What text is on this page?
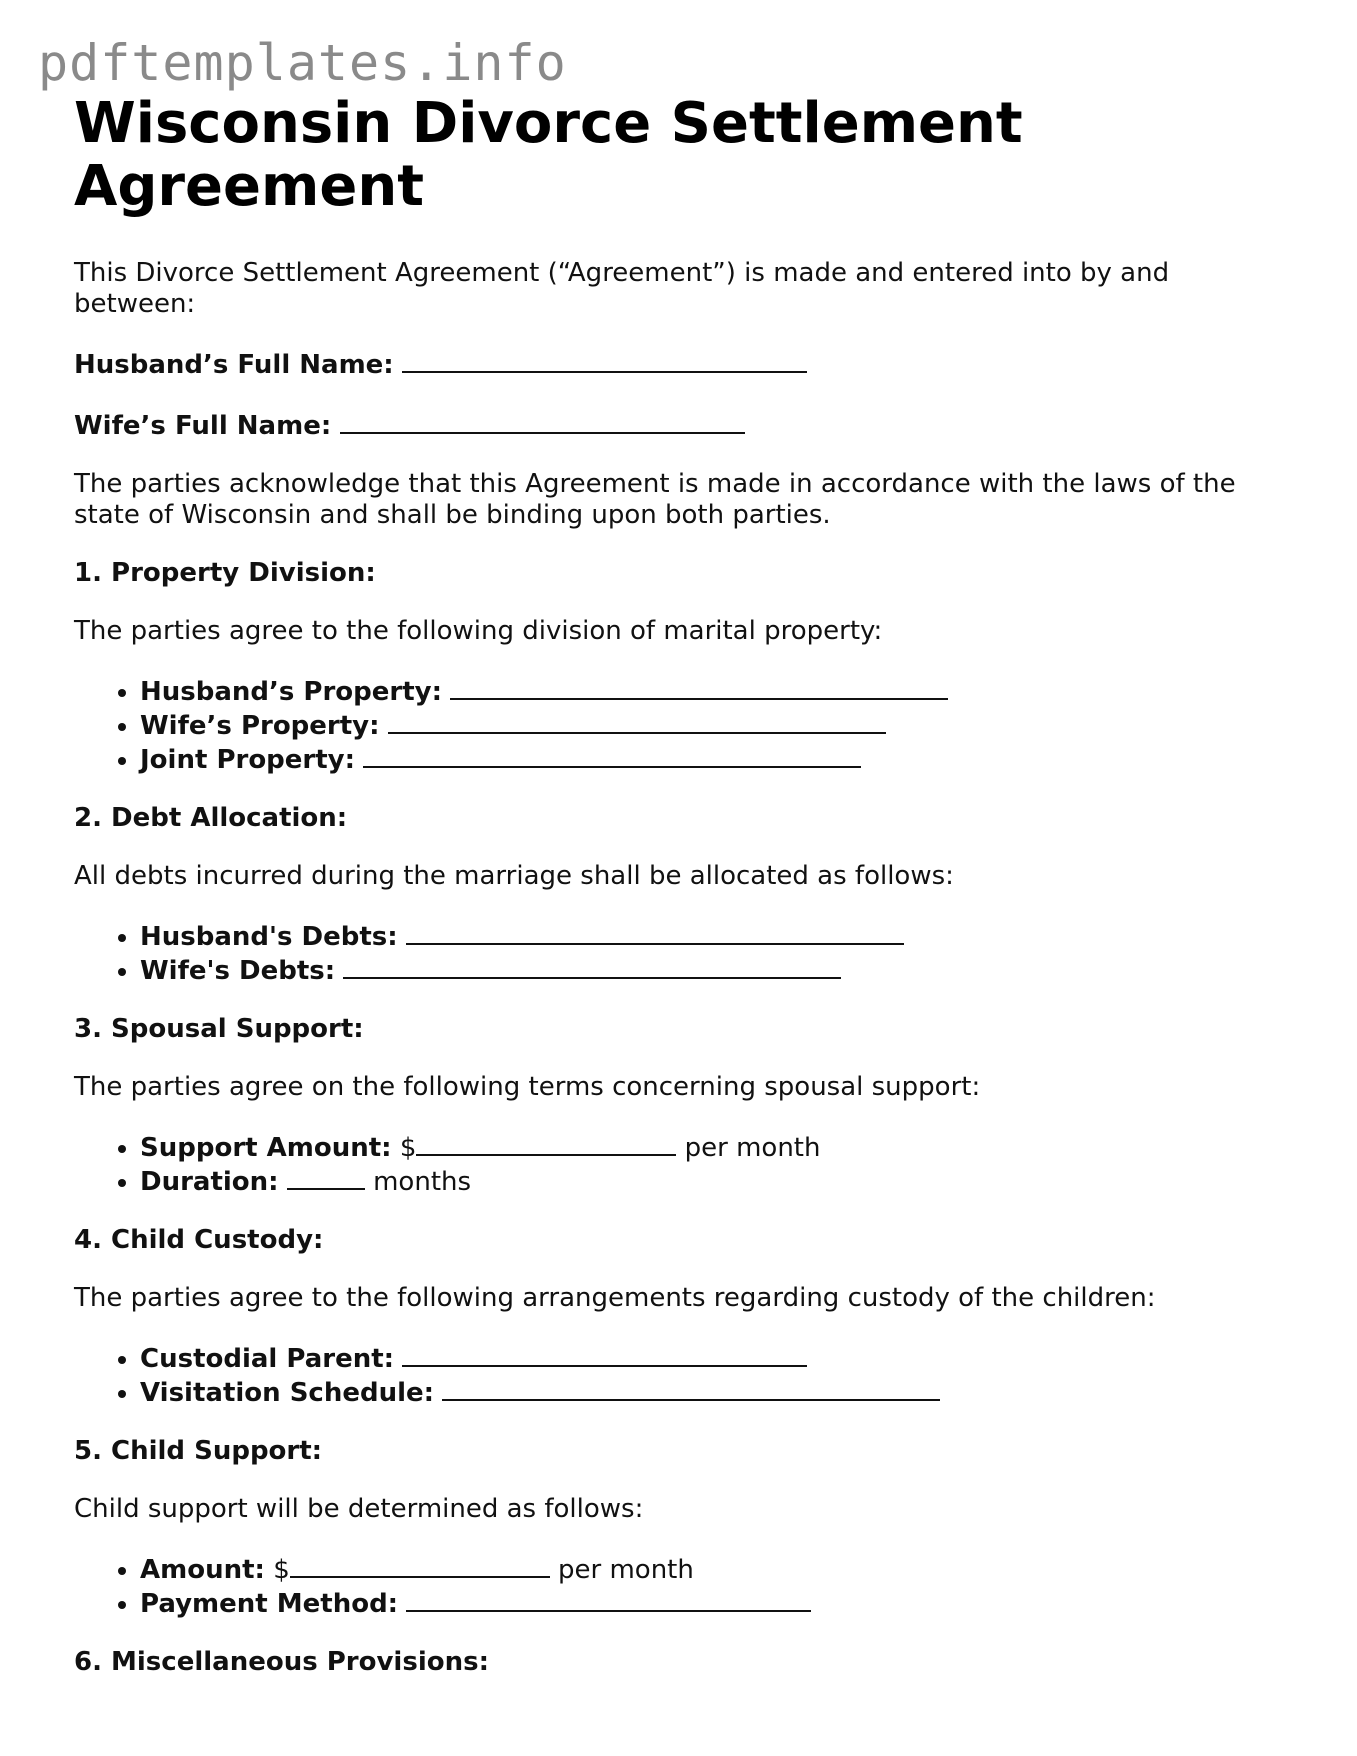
pdftemplates.info
Wisconsin Divorce Settlement Agreement

This Divorce Settlement Agreement (“Agreement”) is made and entered into by and between:

Husband’s Full Name:

Wife’s Full Name:

The parties acknowledge that this Agreement is made in accordance with the laws of the state of Wisconsin and shall be binding upon both parties.

1. Property Division:

The parties agree to the following division of marital property:

• Husband’s Property:
• Wife’s Property:
• Joint Property:
2. Debt Allocation:

All debts incurred during the marriage shall be allocated as follows:

• Husband's Debts:
• Wife's Debts:
3. Spousal Support:

The parties agree on the following terms concerning spousal support:

• Support Amount: $	per month
• Duration:	months
4. Child Custody:

The parties agree to the following arrangements regarding custody of the children:

• Custodial Parent:
• Visitation Schedule:
5. Child Support:

Child support will be determined as follows:

• Amount: $	per month
• Payment Method:
6. Miscellaneous Provisions:
